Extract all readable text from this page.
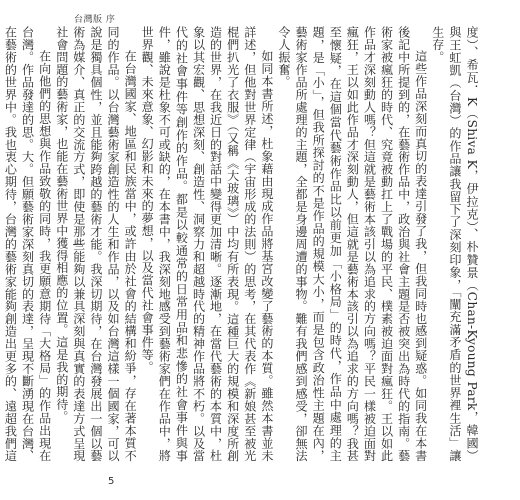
台灣版 序

度）、希瓦．K（Shiva K，伊拉克）、朴贊景（Chan-Kyoung Park，韓國）與王虹凱（台灣）的作品讓我留下了深刻印象，「闡充滿矛盾的世界裡生活」讓生存。

這些作品深刻而真切的表達引發了我，但我同時也感到疑惑。如同我在本書後記中所提到的，在藝術作品中，政治與社會主題是否被突出為時代的指南。藝術家被瘋狂的時代、究竟被動扛上了戰場的平民、樸素被迫面對瘋狂。王以如此作品才深刻動人嗎？但這就是藝術本該引以為追求的方向嗎？平民一樣被迫面對瘋狂，王以如此作品才深刻動人，但這就是藝術本該引以為追求的方向嗎？我甚至懷疑，在這個當代藝術作品比以前更加「小格局」的時代，作品中處理的主題，是「小」，但我所探討的不是作品的規模大小，而是包含政治性主題在內，藝術家作品所處理的主題，全都是身邊周遭的事物。難有我們感到感受，卻無法令人振奮。

如同本書所述，杜象藉由現成作品將基宮改變了藝術的本質。雖然本書並未詳述，但他對世界定律（宇宙形成的法則）的思考，在其代表作《新娘甚至被光棍們扒光了衣服》（又稱《大玻璃》）中均有所表現。這種巨大的規模和深度所創造的世界，在我近日的對話中變得更加清晰。逐漸地，在當代藝術的本質中，杜象以其宏觀、思想深刻、創造性、洞察力和超越時代的精神作品將不朽。以及當代的社會事件等創作的作品。都是以較通常的日常用品和悲慘的社會事件與事件，雖說是杜象不可或缺的，在本書中，我深刻地感受到藝術家們在作品中，將世界觀、未來意象、幻影和未來的夢想，以及當代社會事件等。

在台灣國家、地區和民族當中，或許由於社會的結構和紛爭，存在著本質不同的作品。以台灣藝術家創造性的人生和作品，以及如台灣這樣一個國家，可以說是獨具個性，並且能夠跨越的藝術才能。我深切期待，在台灣發展出一個以藝術為媒介、真正的交流方式，即使是那些能夠以兼具深刻與真實的表達方式呈現社會問題的藝術家，也能在藝術世界中獲得相應的位置。這是我的期待。

在向他們的思想與作品致敬的同時，我更願意期待「大格局」的作品出現在台灣。作品發達的思。大。但願藝術家深刻真切的表達，呈現不斷湧現在台灣、在藝術的世界中。我也衷心期待，台灣的藝術家能夠創造出更多的、遠超我們這

5
